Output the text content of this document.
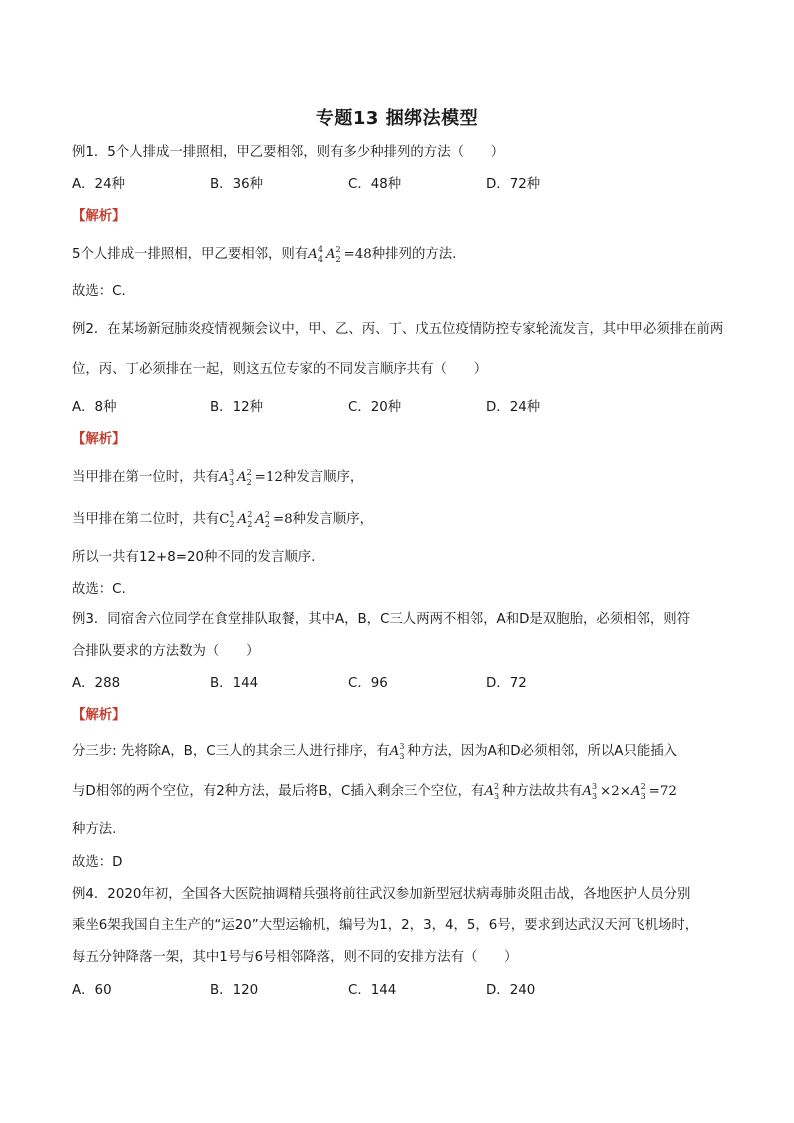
专题13 捆绑法模型
例1．5个人排成一排照相，甲乙要相邻，则有多少种排列的方法（　　）
A．24种	B．36种	C．48种	D．72种
【解析】
5个人排成一排照相，甲乙要相邻，则有A 4
4 A 2
2 =48种排列的方法.
故选：C.
例2．在某场新冠肺炎疫情视频会议中，甲、乙、丙、丁、戊五位疫情防控专家轮流发言，其中甲必须排在前两
位，丙、丁必须排在一起，则这五位专家的不同发言顺序共有（　　）
A．8种	B．12种	C．20种	D．24种
【解析】
当甲排在第一位时，共有A 3
3 A 2
2 =12种发言顺序，
当甲排在第二位时，共有C 1
2 A 2
2 A 2
2 =8种发言顺序，
所以一共有12+8=20种不同的发言顺序.
故选：C.
例3．同宿舍六位同学在食堂排队取餐，其中A，B，C三人两两不相邻，A和D是双胞胎，必须相邻，则符
合排队要求的方法数为（　　）
A．288	B．144	C．96	D．72
【解析】
分三步: 先将除A，B，C三人的其余三人进行排序，有A 3
3 种方法，因为A和D必须相邻，所以A只能插入
与D相邻的两个空位，有2种方法，最后将B，C插入剩余三个空位，有A 2
3 种方法故共有A 3
3 ×2×A 2
3 =72
种方法.
故选：D
例4．2020年初，全国各大医院抽调精兵强将前往武汉参加新型冠状病毒肺炎阻击战，各地医护人员分别
乘坐6架我国自主生产的“运20”大型运输机，编号为1，2，3，4，5，6号，要求到达武汉天河飞机场时，
每五分钟降落一架，其中1号与6号相邻降落，则不同的安排方法有（　　）
A．60	B．120	C．144	D．240
